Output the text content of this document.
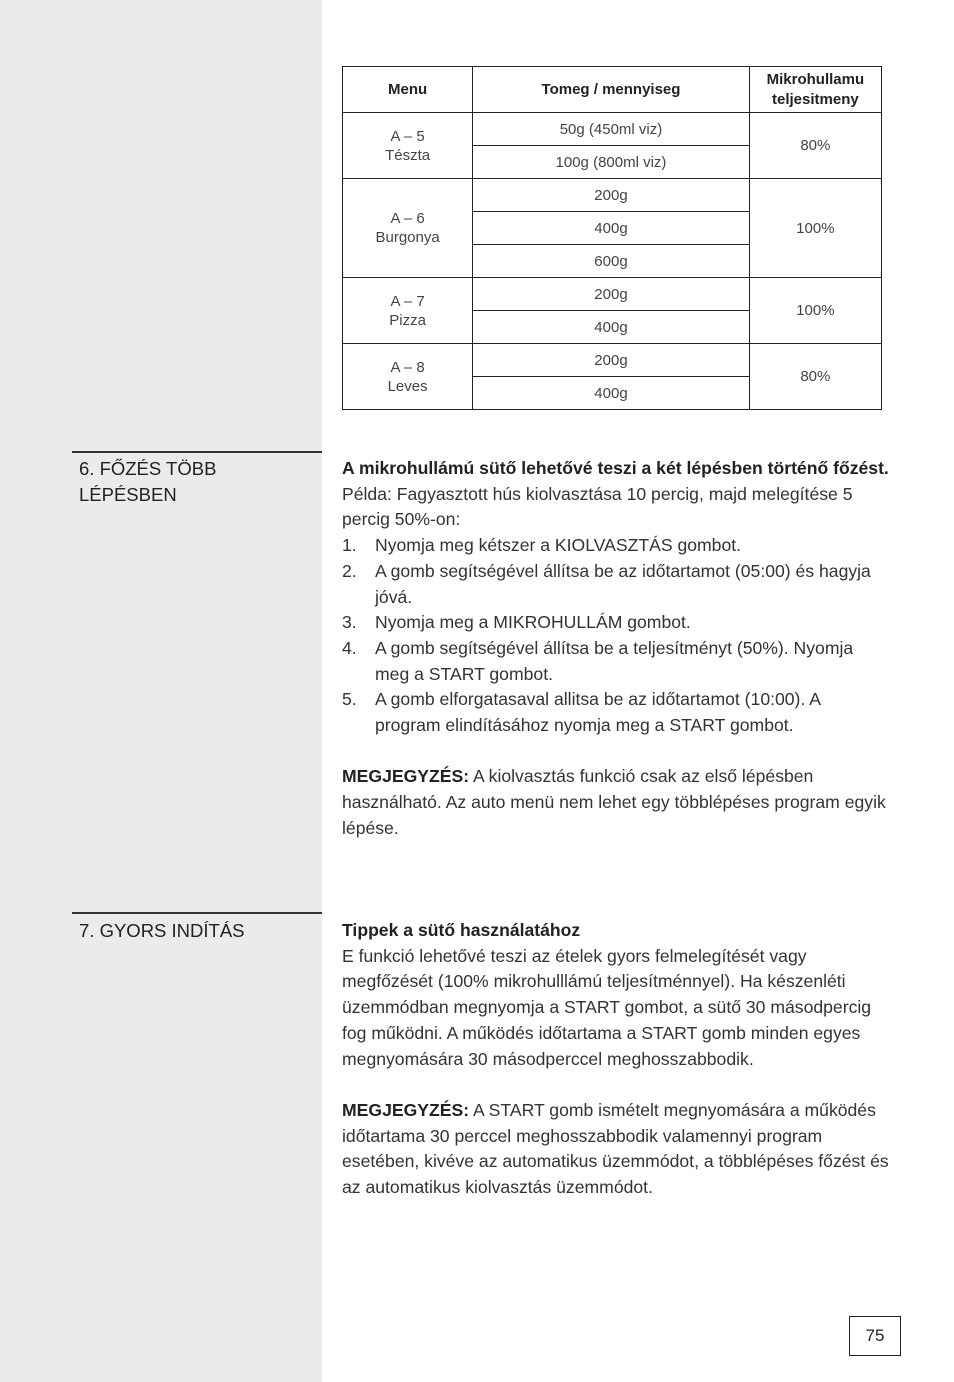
Menu	Tomeg / mennyiseg	Mikrohullamu
teljesitmeny
A – 5
Tészta	50g (450ml viz)	80%
	100g (800ml viz)	
A – 6
Burgonya	200g	100%
	400g	
	600g	
A – 7
Pizza	200g	100%
	400g	
A – 8
Leves	200g	80%
	400g	
6. FŐZÉS TÖBB
LÉPÉSBEN

A mikrohullámú sütő lehetővé teszi a két lépésben történő főzést.

Példa: Fagyasztott hús kiolvasztása 10 percig, majd melegítése 5 percig 50%-on:

1. Nyomja meg kétszer a KIOLVASZTÁS gombot.
2. A gomb segítségével állítsa be az időtartamot (05:00) és hagyja jóvá.
3. Nyomja meg a MIKROHULLÁM gombot.
4. A gomb segítségével állítsa be a teljesítményt (50%). Nyomja meg a START gombot.
5. A gomb elforgatasaval allitsa be az időtartamot (10:00). A program elindításához nyomja meg a START gombot.

MEGJEGYZÉS: A kiolvasztás funkció csak az első lépésben használható. Az auto menü nem lehet egy többlépéses program egyik lépése.

7. GYORS INDÍTÁS	Tippek a sütő használatához

E funkció lehetővé teszi az ételek gyors felmelegítését vagy megfőzését (100% mikrohulllámú teljesítménnyel). Ha készenléti üzemmódban megnyomja a START gombot, a sütő 30 másodpercig fog működni. A működés időtartama a START gomb minden egyes megnyomására 30 másodperccel meghosszabbodik.

MEGJEGYZÉS: A START gomb ismételt megnyomására a működés időtartama 30 perccel meghosszabbodik valamennyi program esetében, kivéve az automatikus üzemmódot, a többlépéses főzést és az automatikus kiolvasztás üzemmódot.

75
